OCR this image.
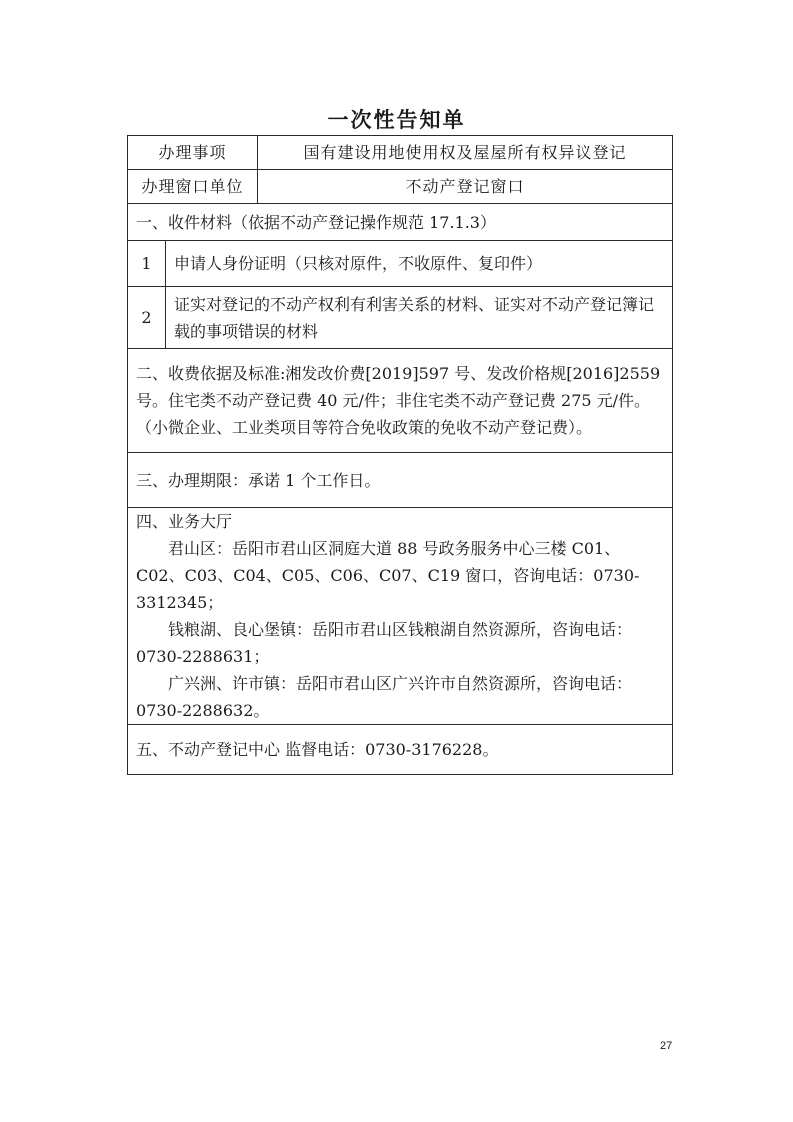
一次性告知单
办理事项		国有建设用地使用权及屋屋所有权异议登记
办理窗口单位		不动产登记窗口
一、收件材料（依据不动产登记操作规范 17.1.3）		
1	申请人身份证明（只核对原件，不收原件、复印件）	
2	证实对登记的不动产权利有利害关系的材料、证实对不动产登记簿记载的事项错误的材料	
二、收费依据及标准:湘发改价费[2019]597 号、发改价格规[2016]2559 号。住宅类不动产登记费 40 元/件；非住宅类不动产登记费 275 元/件。（小微企业、工业类项目等符合免收政策的免收不动产登记费）。		
三、办理期限：承诺 1 个工作日。		

四、业务大厅

君山区：岳阳市君山区洞庭大道 88 号政务服务中心三楼 C01、C02、C03、C04、C05、C06、C07、C19 窗口，咨询电话：0730-3312345；

钱粮湖、良心堡镇：岳阳市君山区钱粮湖自然资源所，咨询电话：0730-2288631；

广兴洲、许市镇：岳阳市君山区广兴许市自然资源所，咨询电话：0730-2288632。		

五、不动产登记中心 监督电话：0730-3176228。		
27
